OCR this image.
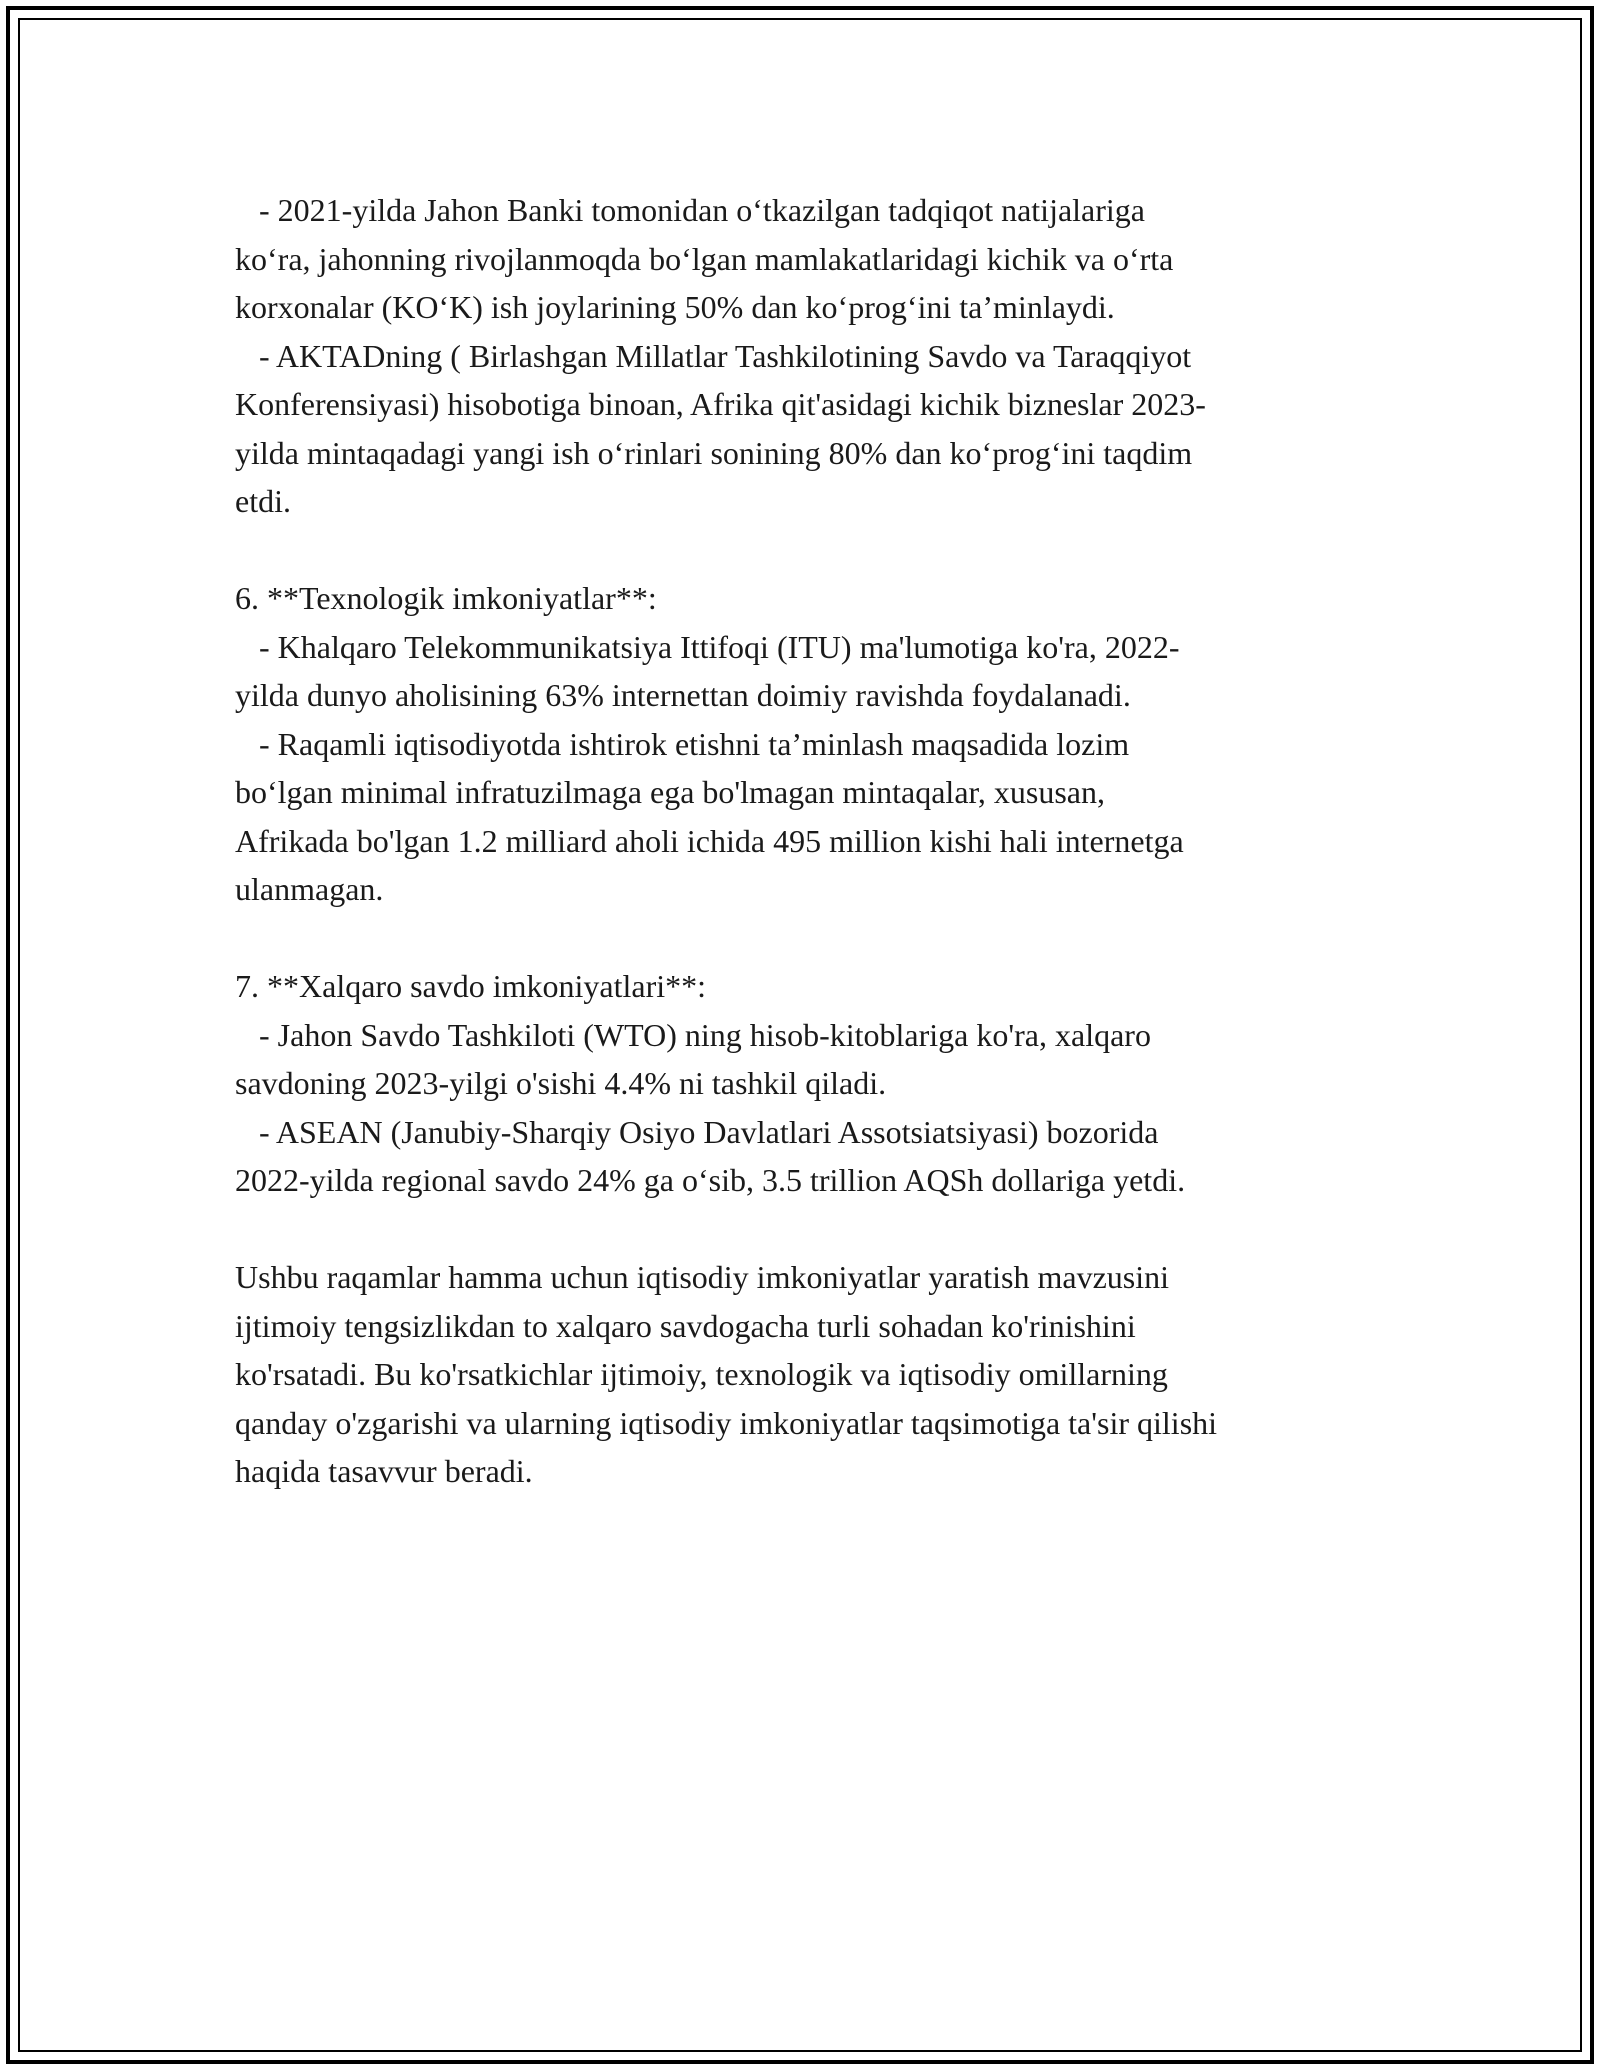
- 2021-yilda Jahon Banki tomonidan oʻtkazilgan tadqiqot natijalariga
koʻra, jahonning rivojlanmoqda boʻlgan mamlakatlaridagi kichik va oʻrta
korxonalar (KOʻK) ish joylarining 50% dan koʻprogʻini taʼminlaydi.
- AKTADning ( Birlashgan Millatlar Tashkilotining Savdo va Taraqqiyot
Konferensiyasi) hisobotiga binoan, Afrika qit'asidagi kichik bizneslar 2023-
yilda mintaqadagi yangi ish oʻrinlari sonining 80% dan koʻprogʻini taqdim
etdi.
6. **Texnologik imkoniyatlar**:
- Khalqaro Telekommunikatsiya Ittifoqi (ITU) ma'lumotiga ko'ra, 2022-
yilda dunyo aholisining 63% internettan doimiy ravishda foydalanadi.
- Raqamli iqtisodiyotda ishtirok etishni taʼminlash maqsadida lozim
boʻlgan minimal infratuzilmaga ega bo'lmagan mintaqalar, xususan,
Afrikada bo'lgan 1.2 milliard aholi ichida 495 million kishi hali internetga
ulanmagan.
7. **Xalqaro savdo imkoniyatlari**:
- Jahon Savdo Tashkiloti (WTO) ning hisob-kitoblariga ko'ra, xalqaro
savdoning 2023-yilgi o'sishi 4.4% ni tashkil qiladi.
- ASEAN (Janubiy-Sharqiy Osiyo Davlatlari Assotsiatsiyasi) bozorida
2022-yilda regional savdo 24% ga oʻsib, 3.5 trillion AQSh dollariga yetdi.
Ushbu raqamlar hamma uchun iqtisodiy imkoniyatlar yaratish mavzusini
ijtimoiy tengsizlikdan to xalqaro savdogacha turli sohadan ko'rinishini
ko'rsatadi. Bu ko'rsatkichlar ijtimoiy, texnologik va iqtisodiy omillarning
qanday o'zgarishi va ularning iqtisodiy imkoniyatlar taqsimotiga ta'sir qilishi
haqida tasavvur beradi.
